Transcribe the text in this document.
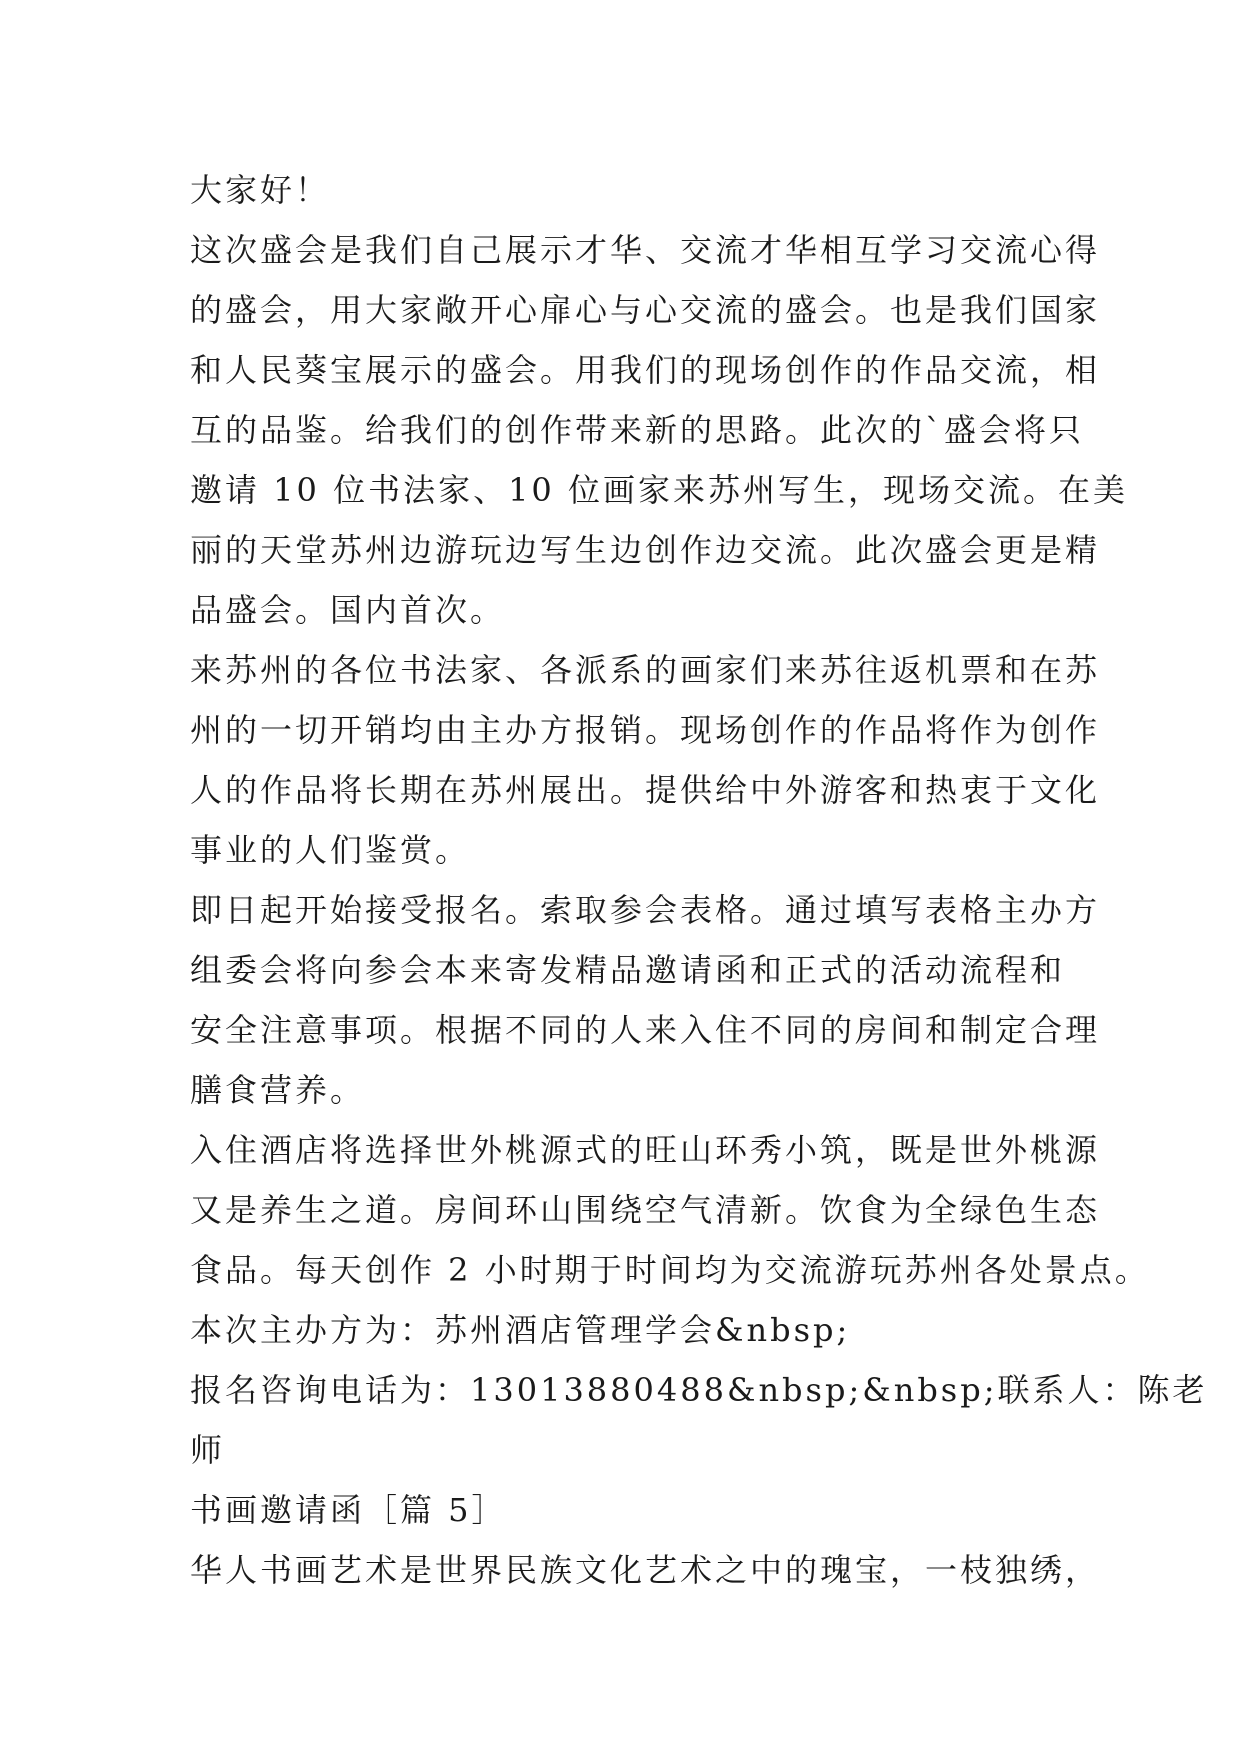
大家好！
这次盛会是我们自己展示才华、交流才华相互学习交流心得
的盛会，用大家敞开心扉心与心交流的盛会。也是我们国家
和人民葵宝展示的盛会。用我们的现场创作的作品交流，相
互的品鉴。给我们的创作带来新的思路。此次的`盛会将只
邀请 10 位书法家、10 位画家来苏州写生，现场交流。在美
丽的天堂苏州边游玩边写生边创作边交流。此次盛会更是精
品盛会。国内首次。
来苏州的各位书法家、各派系的画家们来苏往返机票和在苏
州的一切开销均由主办方报销。现场创作的作品将作为创作
人的作品将长期在苏州展出。提供给中外游客和热衷于文化
事业的人们鉴赏。
即日起开始接受报名。索取参会表格。通过填写表格主办方
组委会将向参会本来寄发精品邀请函和正式的活动流程和
安全注意事项。根据不同的人来入住不同的房间和制定合理
膳食营养。
入住酒店将选择世外桃源式的旺山环秀小筑，既是世外桃源
又是养生之道。房间环山围绕空气清新。饮食为全绿色生态
食品。每天创作 2 小时期于时间均为交流游玩苏州各处景点。
本次主办方为：苏州酒店管理学会&nbsp;
报名咨询电话为：13013880488&nbsp;&nbsp;联系人：陈老
师
书画邀请函［篇 5］
华人书画艺术是世界民族文化艺术之中的瑰宝，一枝独绣，
